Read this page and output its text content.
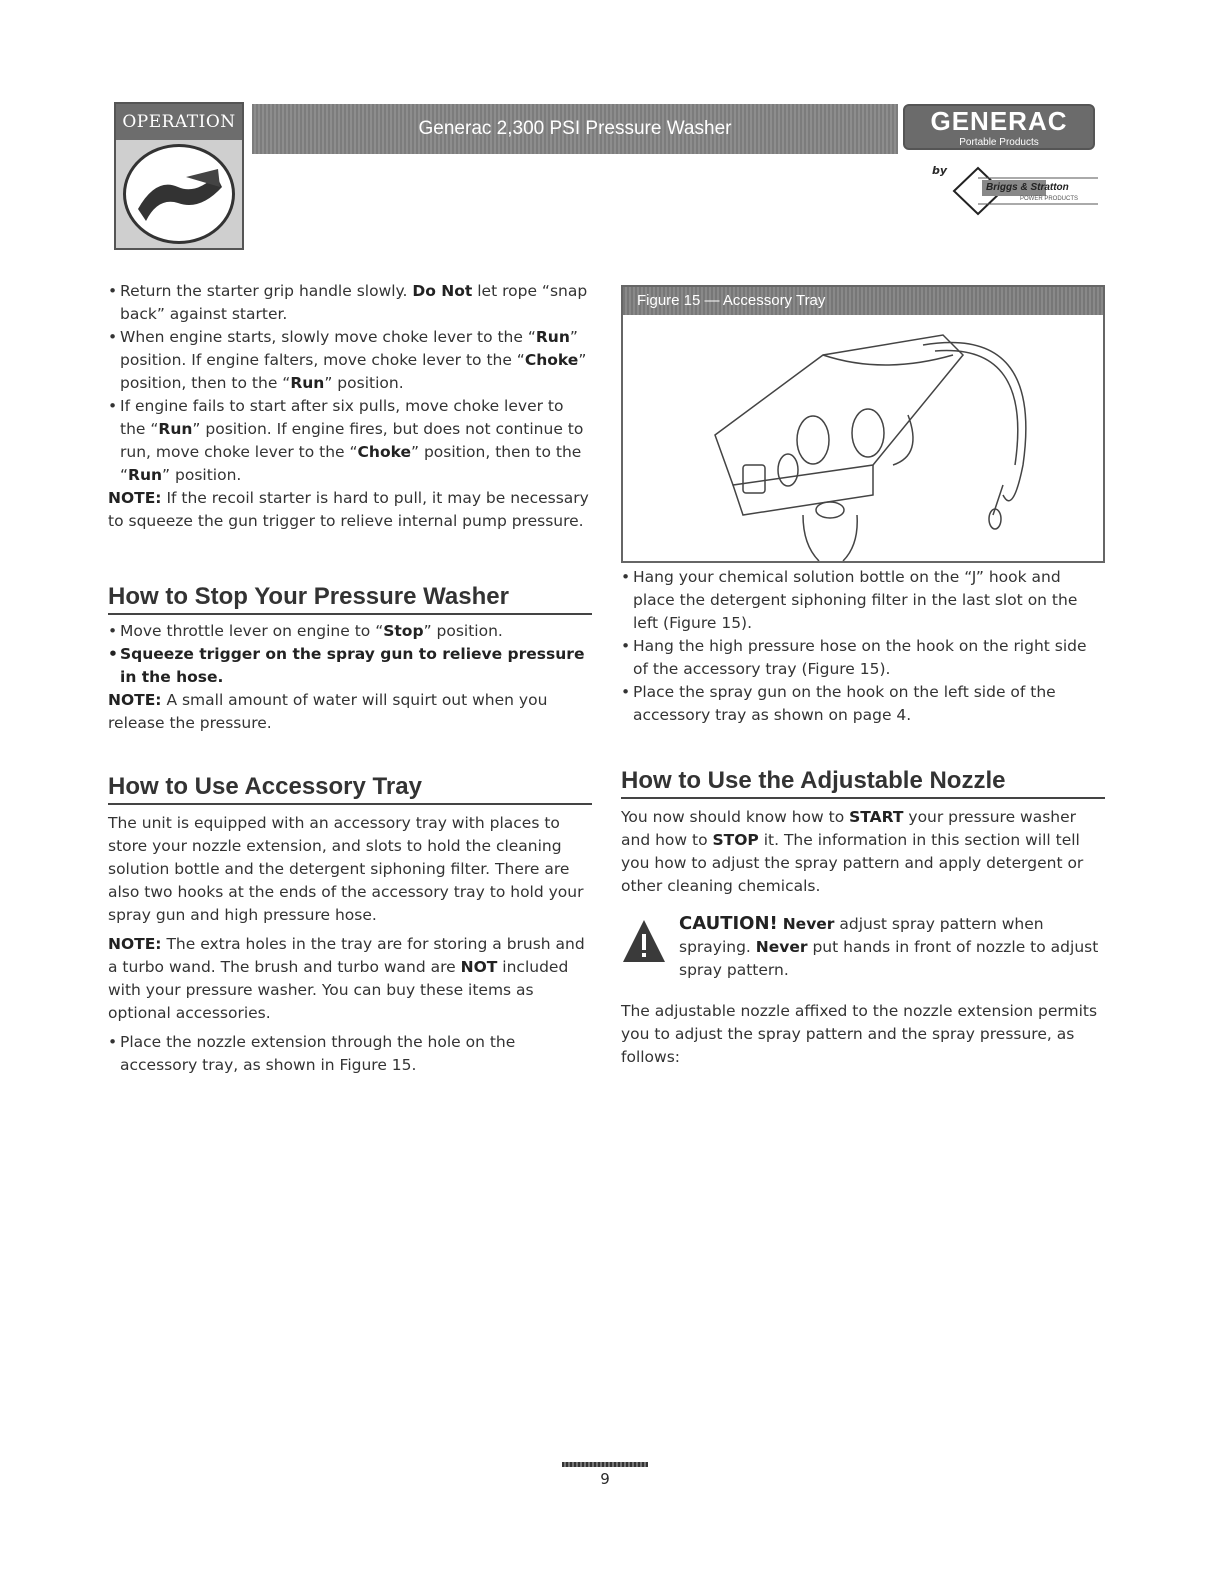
OPERATION	Generac 2,300 PSI Pressure Washer	GENERAC
Portable Products
by
Briggs & Stratton
POWER PRODUCTS

• Return the starter grip handle slowly. Do Not let rope “snap back” against starter.

• When engine starts, slowly move choke lever to the “Run” position. If engine falters, move choke lever to the “Choke” position, then to the “Run” position.

• If engine fails to start after six pulls, move choke lever to the “Run” position. If engine fires, but does not continue to run, move choke lever to the “Choke” position, then to the “Run” position.

NOTE: If the recoil starter is hard to pull, it may be necessary to squeeze the gun trigger to relieve internal pump pressure.

How to Stop Your Pressure Washer

• Move throttle lever on engine to “Stop” position.

• Squeeze trigger on the spray gun to relieve pressure in the hose.

NOTE: A small amount of water will squirt out when you release the pressure.

How to Use Accessory Tray

The unit is equipped with an accessory tray with places to store your nozzle extension, and slots to hold the cleaning solution bottle and the detergent siphoning filter. There are also two hooks at the ends of the accessory tray to hold your spray gun and high pressure hose.

NOTE: The extra holes in the tray are for storing a brush and a turbo wand. The brush and turbo wand are NOT included with your pressure washer. You can buy these items as optional accessories.

• Place the nozzle extension through the hole on the accessory tray, as shown in Figure 15.

Figure 15 — Accessory Tray

• Hang your chemical solution bottle on the “J” hook and place the detergent siphoning filter in the last slot on the left (Figure 15).

• Hang the high pressure hose on the hook on the right side of the accessory tray (Figure 15).

• Place the spray gun on the hook on the left side of the accessory tray as shown on page 4.

How to Use the Adjustable Nozzle

You now should know how to START your pressure washer and how to STOP it. The information in this section will tell you how to adjust the spray pattern and apply detergent or other cleaning chemicals.

CAUTION! Never adjust spray pattern when spraying. Never put hands in front of nozzle to adjust spray pattern.

The adjustable nozzle affixed to the nozzle extension permits you to adjust the spray pattern and the spray pressure, as follows:

9
